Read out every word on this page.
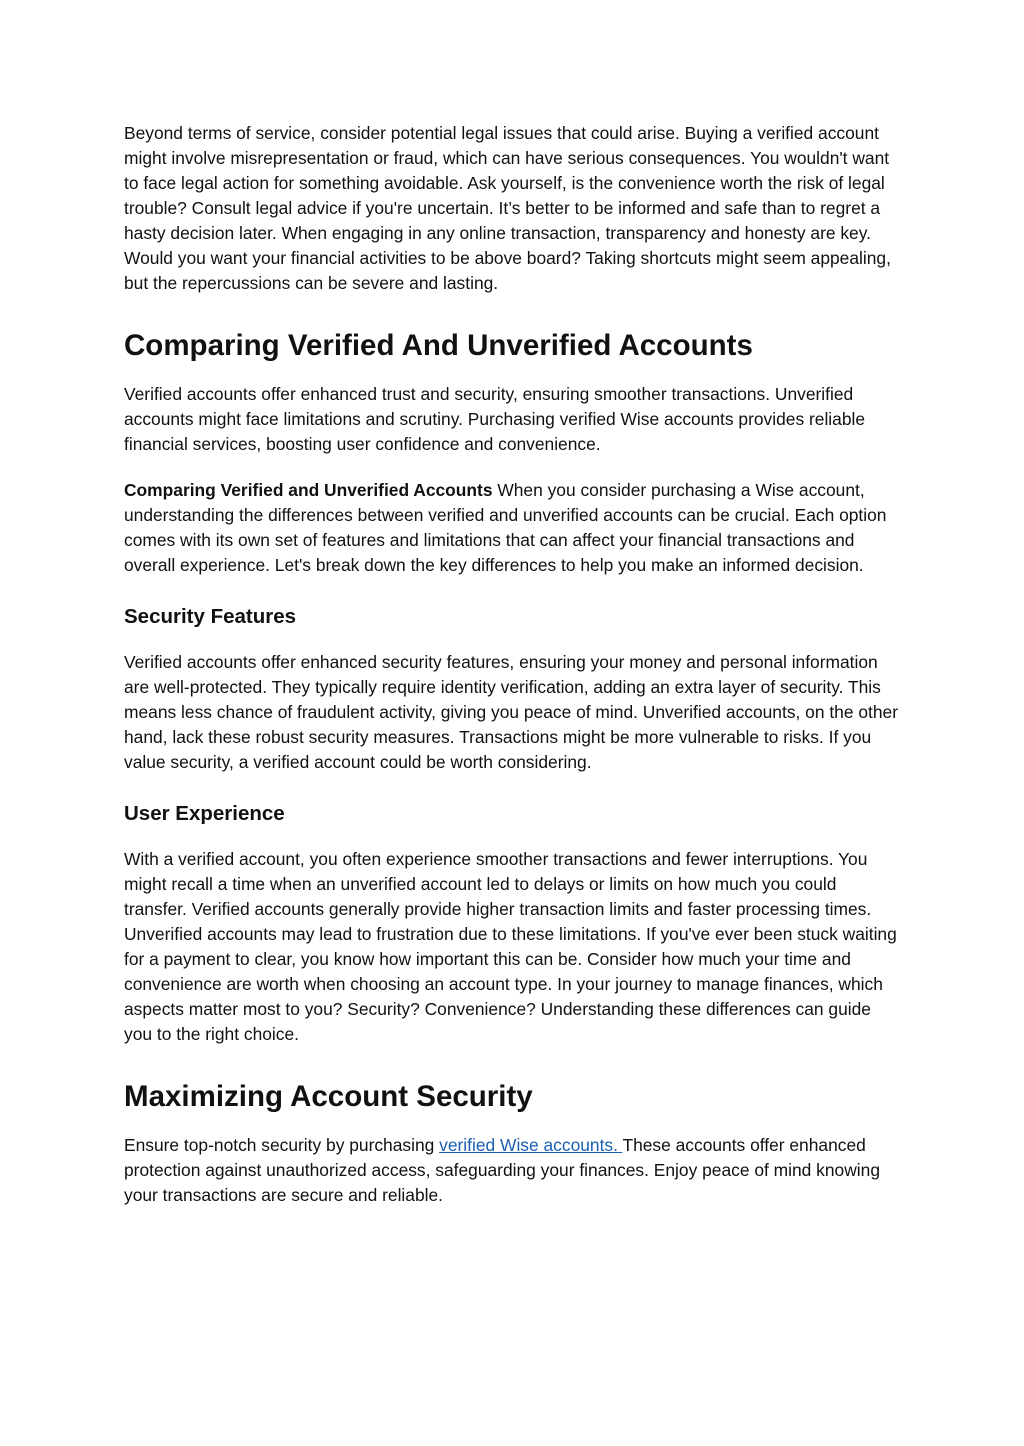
Beyond terms of service, consider potential legal issues that could arise. Buying a verified account might involve misrepresentation or fraud, which can have serious consequences. You wouldn't want to face legal action for something avoidable. Ask yourself, is the convenience worth the risk of legal trouble? Consult legal advice if you're uncertain. It’s better to be informed and safe than to regret a hasty decision later. When engaging in any online transaction, transparency and honesty are key. Would you want your financial activities to be above board? Taking shortcuts might seem appealing, but the repercussions can be severe and lasting.

Comparing Verified And Unverified Accounts

Verified accounts offer enhanced trust and security, ensuring smoother transactions. Unverified accounts might face limitations and scrutiny. Purchasing verified Wise accounts provides reliable financial services, boosting user confidence and convenience.

Comparing Verified and Unverified Accounts When you consider purchasing a Wise account, understanding the differences between verified and unverified accounts can be crucial. Each option comes with its own set of features and limitations that can affect your financial transactions and overall experience. Let's break down the key differences to help you make an informed decision.

Security Features

Verified accounts offer enhanced security features, ensuring your money and personal information are well-protected. They typically require identity verification, adding an extra layer of security. This means less chance of fraudulent activity, giving you peace of mind. Unverified accounts, on the other hand, lack these robust security measures. Transactions might be more vulnerable to risks. If you value security, a verified account could be worth considering.

User Experience

With a verified account, you often experience smoother transactions and fewer interruptions. You might recall a time when an unverified account led to delays or limits on how much you could transfer. Verified accounts generally provide higher transaction limits and faster processing times. Unverified accounts may lead to frustration due to these limitations. If you've ever been stuck waiting for a payment to clear, you know how important this can be. Consider how much your time and convenience are worth when choosing an account type. In your journey to manage finances, which aspects matter most to you? Security? Convenience? Understanding these differences can guide you to the right choice.

Maximizing Account Security

Ensure top-notch security by purchasing verified Wise accounts. These accounts offer enhanced protection against unauthorized access, safeguarding your finances. Enjoy peace of mind knowing your transactions are secure and reliable.
